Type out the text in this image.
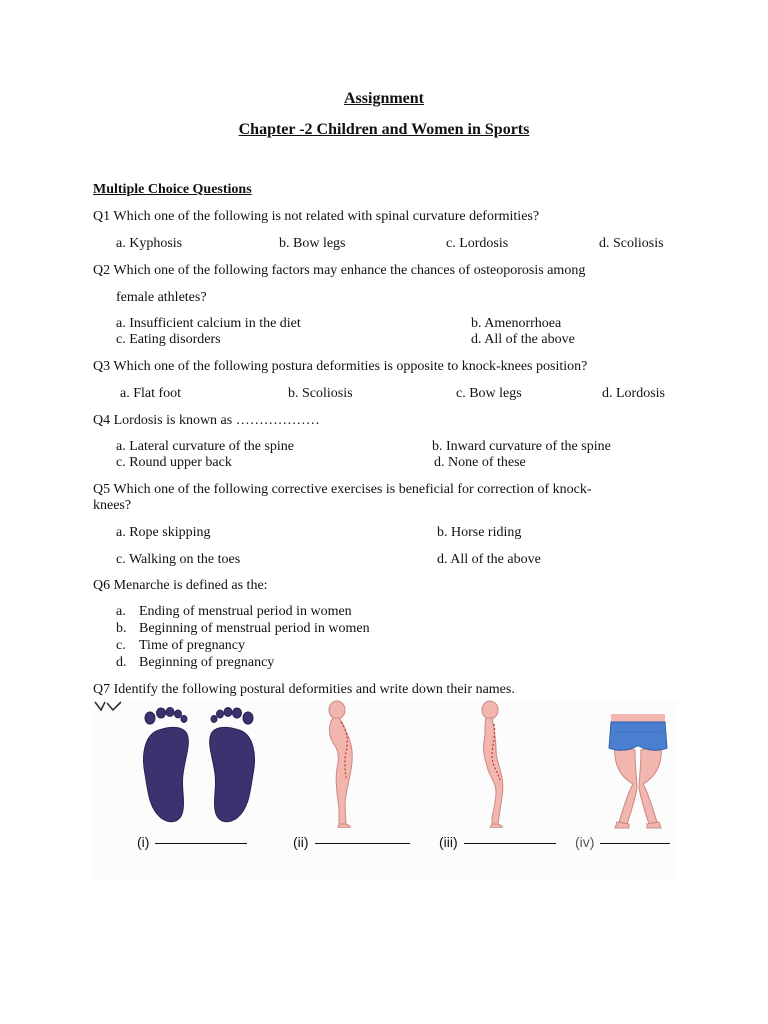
Assignment
Chapter -2 Children and Women in Sports
Multiple Choice Questions
Q1 Which one of the following is not related with spinal curvature deformities?
a. Kyphosis	b. Bow legs	c. Lordosis	d. Scoliosis
Q2 Which one of the following factors may enhance the chances of osteoporosis among
female athletes?
a. Insufficient calcium in the diet	b. Amenorrhoea
c. Eating disorders	d. All of the above
Q3 Which one of the following postura deformities is opposite to knock-knees position?
a. Flat foot	b. Scoliosis	c. Bow legs	d. Lordosis
Q4 Lordosis is known as ………………
a. Lateral curvature of the spine	b. Inward curvature of the spine
c. Round upper back	d. None of these
Q5 Which one of the following corrective exercises is beneficial for correction of knock-
knees?
a. Rope skipping	b. Horse riding
c. Walking on the toes	d. All of the above
Q6 Menarche is defined as the:
a. Ending of menstrual period in women
b. Beginning of menstrual period in women
c. Time of pregnancy
d. Beginning of pregnancy
Q7 Identify the following postural deformities and write down their names.
(i)	(ii)	(iii)	(iv)
